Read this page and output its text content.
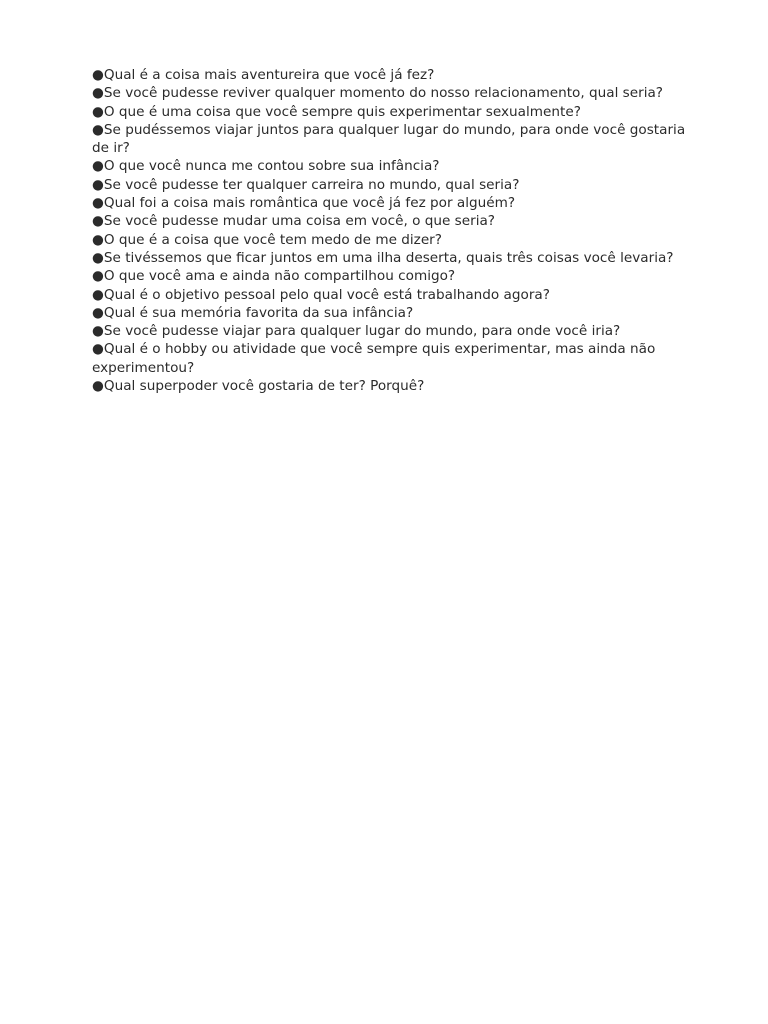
●Qual é a coisa mais aventureira que você já fez?
●Se você pudesse reviver qualquer momento do nosso relacionamento, qual seria?
●O que é uma coisa que você sempre quis experimentar sexualmente?
●Se pudéssemos viajar juntos para qualquer lugar do mundo, para onde você gostaria de ir?
●O que você nunca me contou sobre sua infância?
●Se você pudesse ter qualquer carreira no mundo, qual seria?
●Qual foi a coisa mais romântica que você já fez por alguém?
●Se você pudesse mudar uma coisa em você, o que seria?
●O que é a coisa que você tem medo de me dizer?
●Se tivéssemos que ficar juntos em uma ilha deserta, quais três coisas você levaria?
●O que você ama e ainda não compartilhou comigo?
●Qual é o objetivo pessoal pelo qual você está trabalhando agora?
●Qual é sua memória favorita da sua infância?
●Se você pudesse viajar para qualquer lugar do mundo, para onde você iria?
●Qual é o hobby ou atividade que você sempre quis experimentar, mas ainda não experimentou?
●Qual superpoder você gostaria de ter? Porquê?
